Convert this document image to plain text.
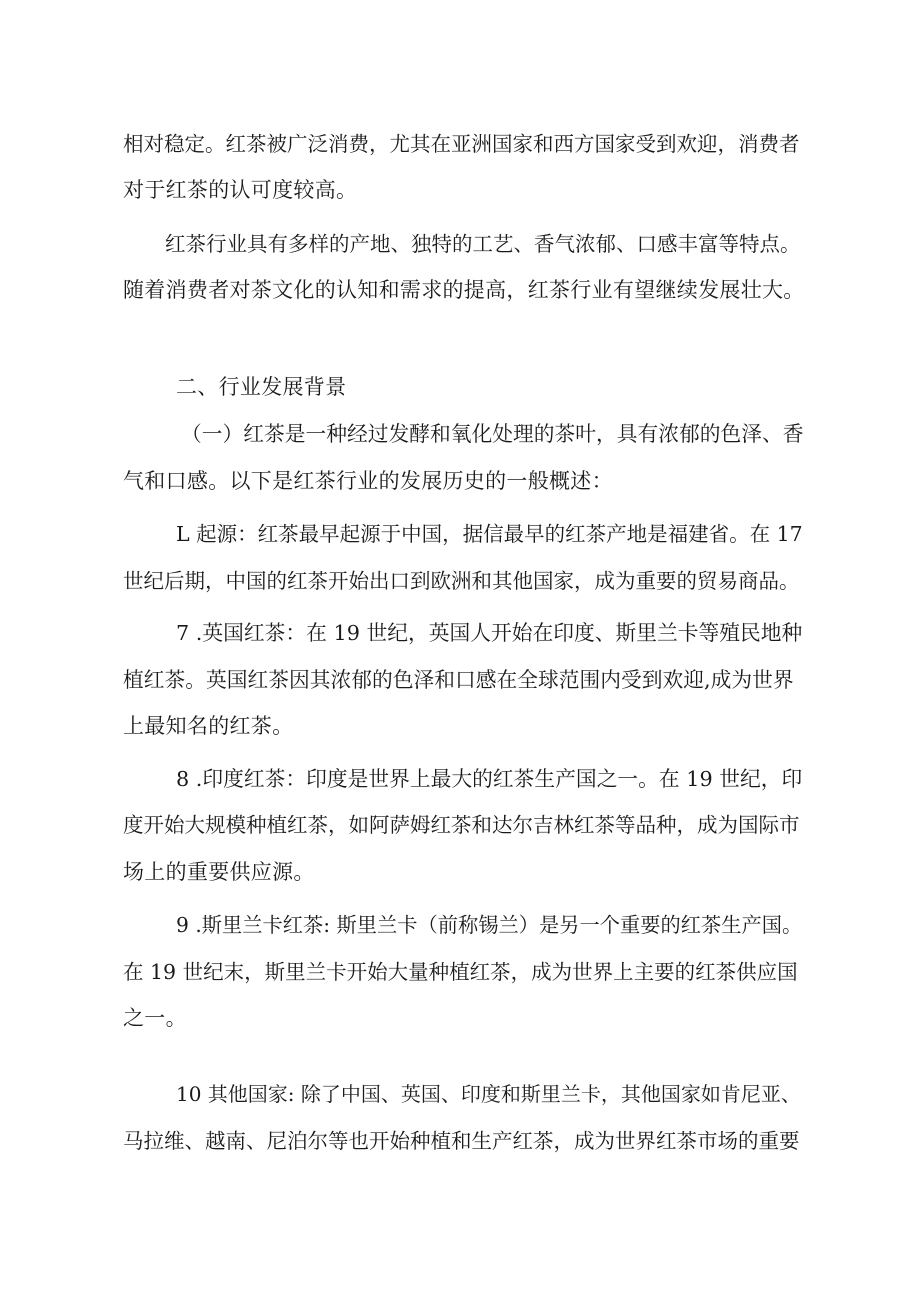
相对稳定。红茶被广泛消费，尤其在亚洲国家和西方国家受到欢迎，消费者
对于红茶的认可度较高。
红茶行业具有多样的产地、独特的工艺、香气浓郁、口感丰富等特点。
随着消费者对茶文化的认知和需求的提高，红茶行业有望继续发展壮大。
二、行业发展背景
（一）红茶是一种经过发酵和氧化处理的茶叶，具有浓郁的色泽、香
气和口感。以下是红茶行业的发展历史的一般概述：
L 起源：红茶最早起源于中国，据信最早的红茶产地是福建省。在 17
世纪后期，中国的红茶开始出口到欧洲和其他国家，成为重要的贸易商品。
7 .英国红茶：在 19 世纪，英国人开始在印度、斯里兰卡等殖民地种
植红茶。英国红茶因其浓郁的色泽和口感在全球范围内受到欢迎,成为世界
上最知名的红茶。
8 .印度红茶：印度是世界上最大的红茶生产国之一。在 19 世纪，印
度开始大规模种植红茶，如阿萨姆红茶和达尔吉林红茶等品种，成为国际市
场上的重要供应源。
9 .斯里兰卡红茶: 斯里兰卡（前称锡兰）是另一个重要的红茶生产国。
在 19 世纪末，斯里兰卡开始大量种植红茶，成为世界上主要的红茶供应国
之一。
10 其他国家: 除了中国、英国、印度和斯里兰卡，其他国家如肯尼亚、
马拉维、越南、尼泊尔等也开始种植和生产红茶，成为世界红茶市场的重要
